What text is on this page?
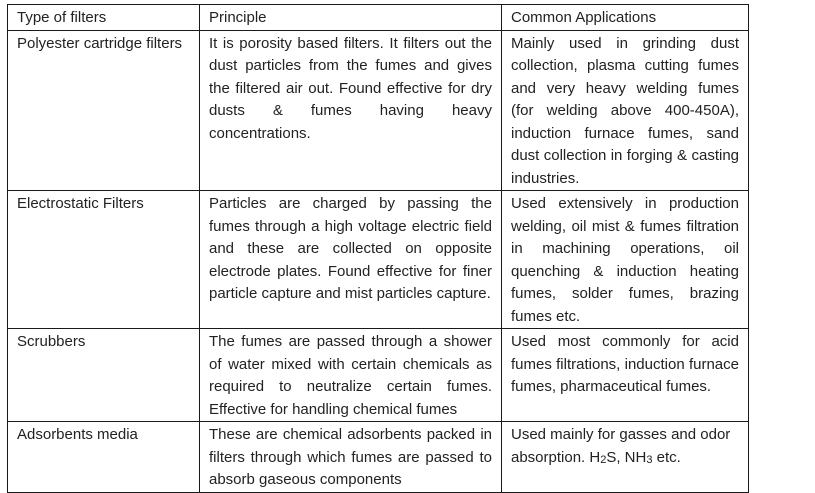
Type of filters	Principle	Common Applications
Polyester cartridge filters	It is porosity based filters. It filters out the dust particles from the fumes and gives the filtered air out. Found effective for dry dusts & fumes having heavy concentrations.	Mainly used in grinding dust collection, plasma cutting fumes and very heavy welding fumes (for welding above 400-450A), induction furnace fumes, sand dust collection in forging & casting industries.
Electrostatic Filters	Particles are charged by passing the fumes through a high voltage electric field and these are collected on opposite electrode plates. Found effective for finer particle capture and mist particles capture.	Used extensively in production welding, oil mist & fumes filtration in machining operations, oil quenching & induction heating fumes, solder fumes, brazing fumes etc.
Scrubbers	The fumes are passed through a shower of water mixed with certain chemicals as required to neutralize certain fumes. Effective for handling chemical fumes	Used most commonly for acid fumes filtrations, induction furnace fumes, pharmaceutical fumes.
Adsorbents media	These are chemical adsorbents packed in filters through which fumes are passed to absorb gaseous components	Used mainly for gasses and odor absorption. $H_2S$, $NH_3$ etc.
